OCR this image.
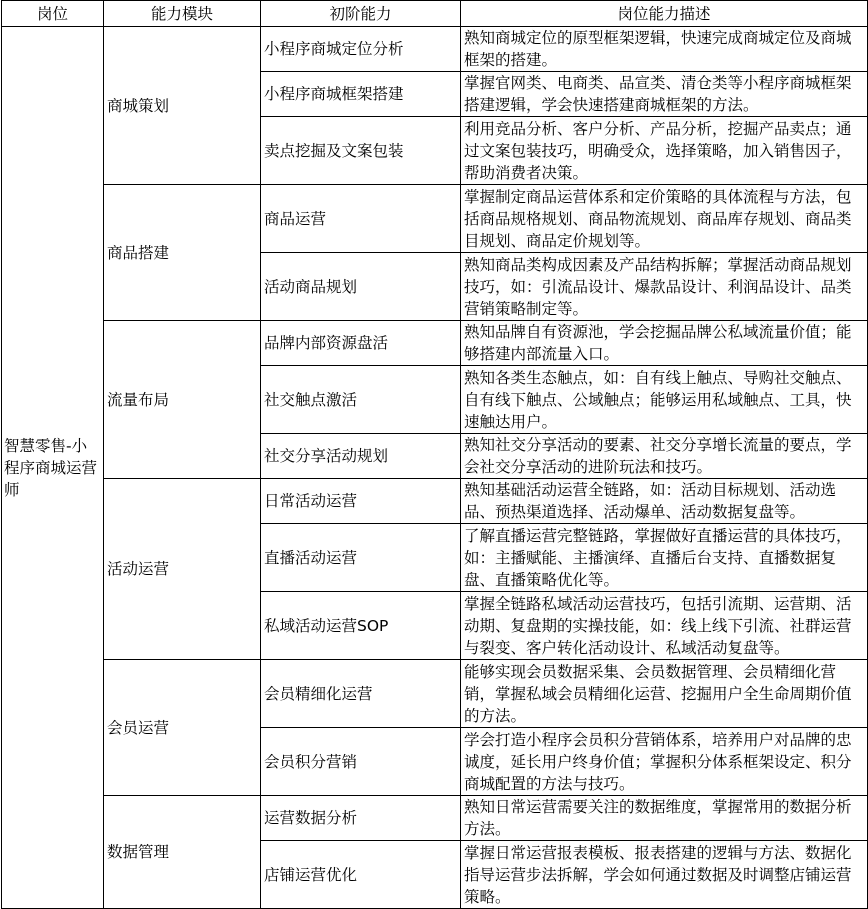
岗位	能力模块	初阶能力	岗位能力描述
智慧零售-小程序商城运营师	商城策划	小程序商城定位分析	熟知商城定位的原型框架逻辑，快速完成商城定位及商城框架的搭建。
		小程序商城框架搭建	掌握官网类、电商类、品宣类、清仓类等小程序商城框架搭建逻辑，学会快速搭建商城框架的方法。
		卖点挖掘及文案包装	利用竞品分析、客户分析、产品分析，挖掘产品卖点；通过文案包装技巧，明确受众，选择策略，加入销售因子，帮助消费者决策。
	商品搭建	商品运营	掌握制定商品运营体系和定价策略的具体流程与方法，包括商品规格规划、商品物流规划、商品库存规划、商品类目规划、商品定价规划等。
		活动商品规划	熟知商品类构成因素及产品结构拆解；掌握活动商品规划技巧，如：引流品设计、爆款品设计、利润品设计、品类营销策略制定等。
	流量布局	品牌内部资源盘活	熟知品牌自有资源池，学会挖掘品牌公私域流量价值；能够搭建内部流量入口。
		社交触点激活	熟知各类生态触点，如：自有线上触点、导购社交触点、自有线下触点、公域触点；能够运用私域触点、工具，快速触达用户。
		社交分享活动规划	熟知社交分享活动的要素、社交分享增长流量的要点，学会社交分享活动的进阶玩法和技巧。
	活动运营	日常活动运营	熟知基础活动运营全链路，如：活动目标规划、活动选品、预热渠道选择、活动爆单、活动数据复盘等。
		直播活动运营	了解直播运营完整链路，掌握做好直播运营的具体技巧，如：主播赋能、主播演绎、直播后台支持、直播数据复盘、直播策略优化等。
		私域活动运营SOP	掌握全链路私域活动运营技巧，包括引流期、运营期、活动期、复盘期的实操技能，如：线上线下引流、社群运营与裂变、客户转化活动设计、私域活动复盘等。
	会员运营	会员精细化运营	能够实现会员数据采集、会员数据管理、会员精细化营销，掌握私域会员精细化运营、挖掘用户全生命周期价值的方法。
		会员积分营销	学会打造小程序会员积分营销体系，培养用户对品牌的忠诚度，延长用户终身价值；掌握积分体系框架设定、积分商城配置的方法与技巧。
	数据管理	运营数据分析	熟知日常运营需要关注的数据维度，掌握常用的数据分析方法。
		店铺运营优化	掌握日常运营报表模板、报表搭建的逻辑与方法、数据化指导运营步法拆解，学会如何通过数据及时调整店铺运营策略。
